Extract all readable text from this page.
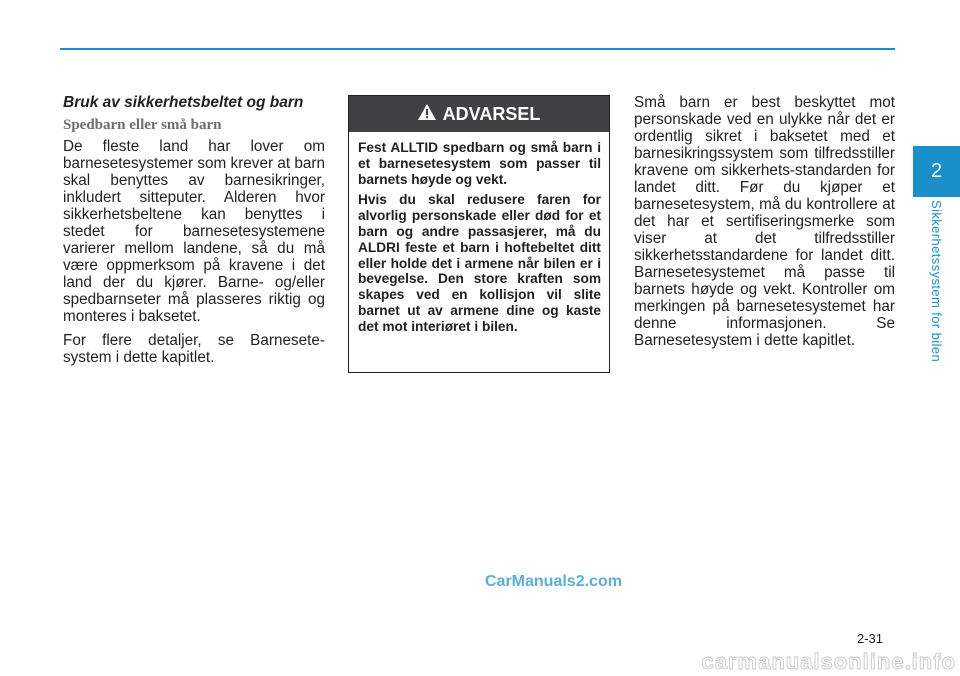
2
Sikkerhetssystem for bilen
Bruk av sikkerhetsbeltet og barn
Spedbarn eller små barn

De fleste land har lover om barnesetesystemer som krever at barn skal benyttes av barnesikringer, inkludert sitteputer. Alderen hvor sikkerhetsbeltene kan benyttes i stedet for barnesetesystemene varierer mellom landene, så du må være oppmerksom på kravene i det land der du kjører. Barne- og/eller spedbarnseter må plasseres riktig og monteres i baksetet.

For flere detaljer, se Barnesete-system i dette kapitlet.

ADVARSEL

Fest ALLTID spedbarn og små barn i et barnesetesystem som passer til barnets høyde og vekt.

Hvis du skal redusere faren for alvorlig personskade eller død for et barn og andre passasjerer, må du ALDRI feste et barn i hoftebeltet ditt eller holde det i armene når bilen er i bevegelse. Den store kraften som skapes ved en kollisjon vil slite barnet ut av armene dine og kaste det mot interiøret i bilen.

Små barn er best beskyttet mot personskade ved en ulykke når det er ordentlig sikret i baksetet med et barnesikringssystem som tilfredsstiller kravene om sikkerhets-standarden for landet ditt. Før du kjøper et barnesetesystem, må du kontrollere at det har et sertifiseringsmerke som viser at det tilfredsstiller sikkerhetsstandardene for landet ditt. Barnesetesystemet må passe til barnets høyde og vekt. Kontroller om merkingen på barnesetesystemet har denne informasjonen. Se Barnesetesystem i dette kapitlet.

CarManuals2.com
2-31
carmanualsonline.info
